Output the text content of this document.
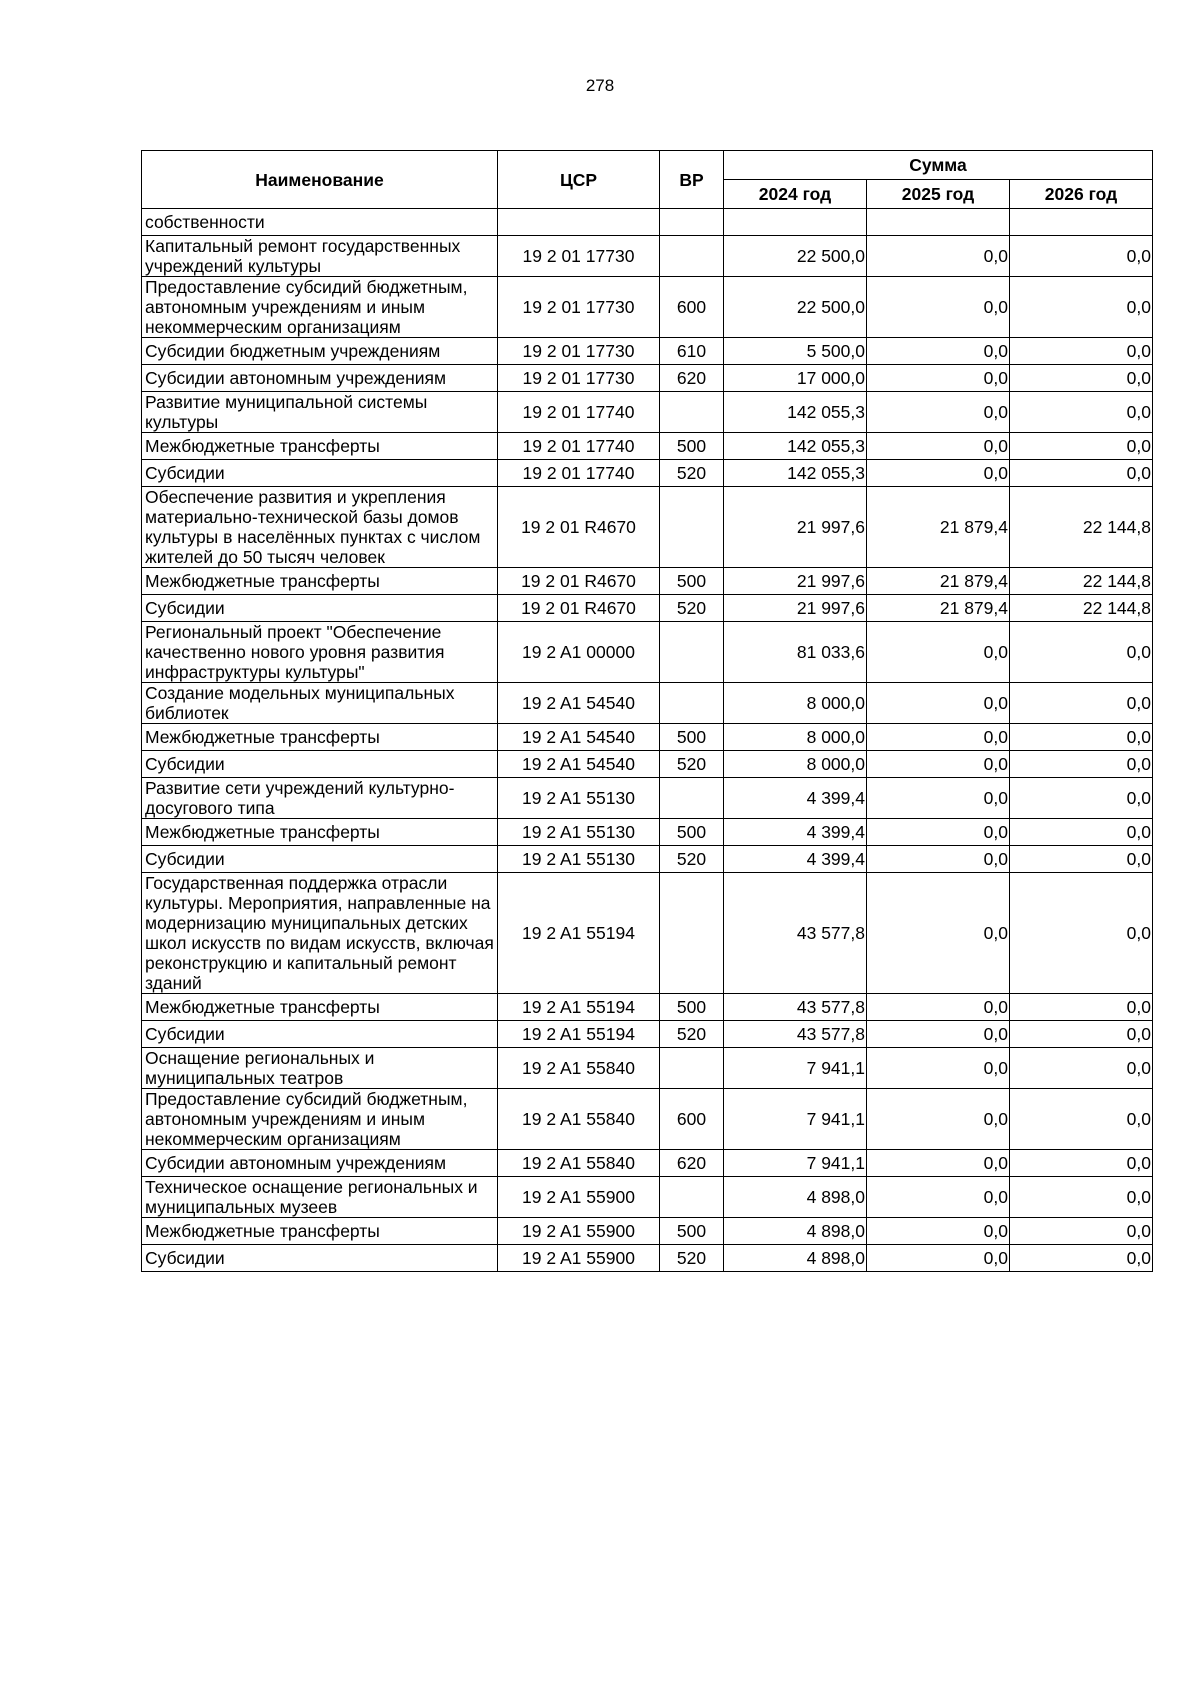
278
Наименование	ЦСР	ВР	Сумма		
			2024 год	2025 год	2026 год
собственности					
Капитальный ремонт государственных учреждений культуры	19 2 01 17730		22 500,0	0,0	0,0
Предоставление субсидий бюджетным, автономным учреждениям и иным некоммерческим организациям	19 2 01 17730	600	22 500,0	0,0	0,0
Субсидии бюджетным учреждениям	19 2 01 17730	610	5 500,0	0,0	0,0
Субсидии автономным учреждениям	19 2 01 17730	620	17 000,0	0,0	0,0
Развитие муниципальной системы культуры	19 2 01 17740		142 055,3	0,0	0,0
Межбюджетные трансферты	19 2 01 17740	500	142 055,3	0,0	0,0
Субсидии	19 2 01 17740	520	142 055,3	0,0	0,0
Обеспечение развития и укрепления материально-технической базы домов культуры в населённых пунктах с числом жителей до 50 тысяч человек	19 2 01 R4670		21 997,6	21 879,4	22 144,8
Межбюджетные трансферты	19 2 01 R4670	500	21 997,6	21 879,4	22 144,8
Субсидии	19 2 01 R4670	520	21 997,6	21 879,4	22 144,8
Региональный проект "Обеспечение качественно нового уровня развития инфраструктуры культуры"	19 2 A1 00000		81 033,6	0,0	0,0
Создание модельных муниципальных библиотек	19 2 A1 54540		8 000,0	0,0	0,0
Межбюджетные трансферты	19 2 A1 54540	500	8 000,0	0,0	0,0
Субсидии	19 2 A1 54540	520	8 000,0	0,0	0,0
Развитие сети учреждений культурно-досугового типа	19 2 A1 55130		4 399,4	0,0	0,0
Межбюджетные трансферты	19 2 A1 55130	500	4 399,4	0,0	0,0
Субсидии	19 2 A1 55130	520	4 399,4	0,0	0,0
Государственная поддержка отрасли культуры. Мероприятия, направленные на модернизацию муниципальных детских школ искусств по видам искусств, включая реконструкцию и капитальный ремонт зданий	19 2 A1 55194		43 577,8	0,0	0,0
Межбюджетные трансферты	19 2 A1 55194	500	43 577,8	0,0	0,0
Субсидии	19 2 A1 55194	520	43 577,8	0,0	0,0
Оснащение региональных и муниципальных театров	19 2 A1 55840		7 941,1	0,0	0,0
Предоставление субсидий бюджетным, автономным учреждениям и иным некоммерческим организациям	19 2 A1 55840	600	7 941,1	0,0	0,0
Субсидии автономным учреждениям	19 2 A1 55840	620	7 941,1	0,0	0,0
Техническое оснащение региональных и муниципальных музеев	19 2 A1 55900		4 898,0	0,0	0,0
Межбюджетные трансферты	19 2 A1 55900	500	4 898,0	0,0	0,0
Субсидии	19 2 A1 55900	520	4 898,0	0,0	0,0
